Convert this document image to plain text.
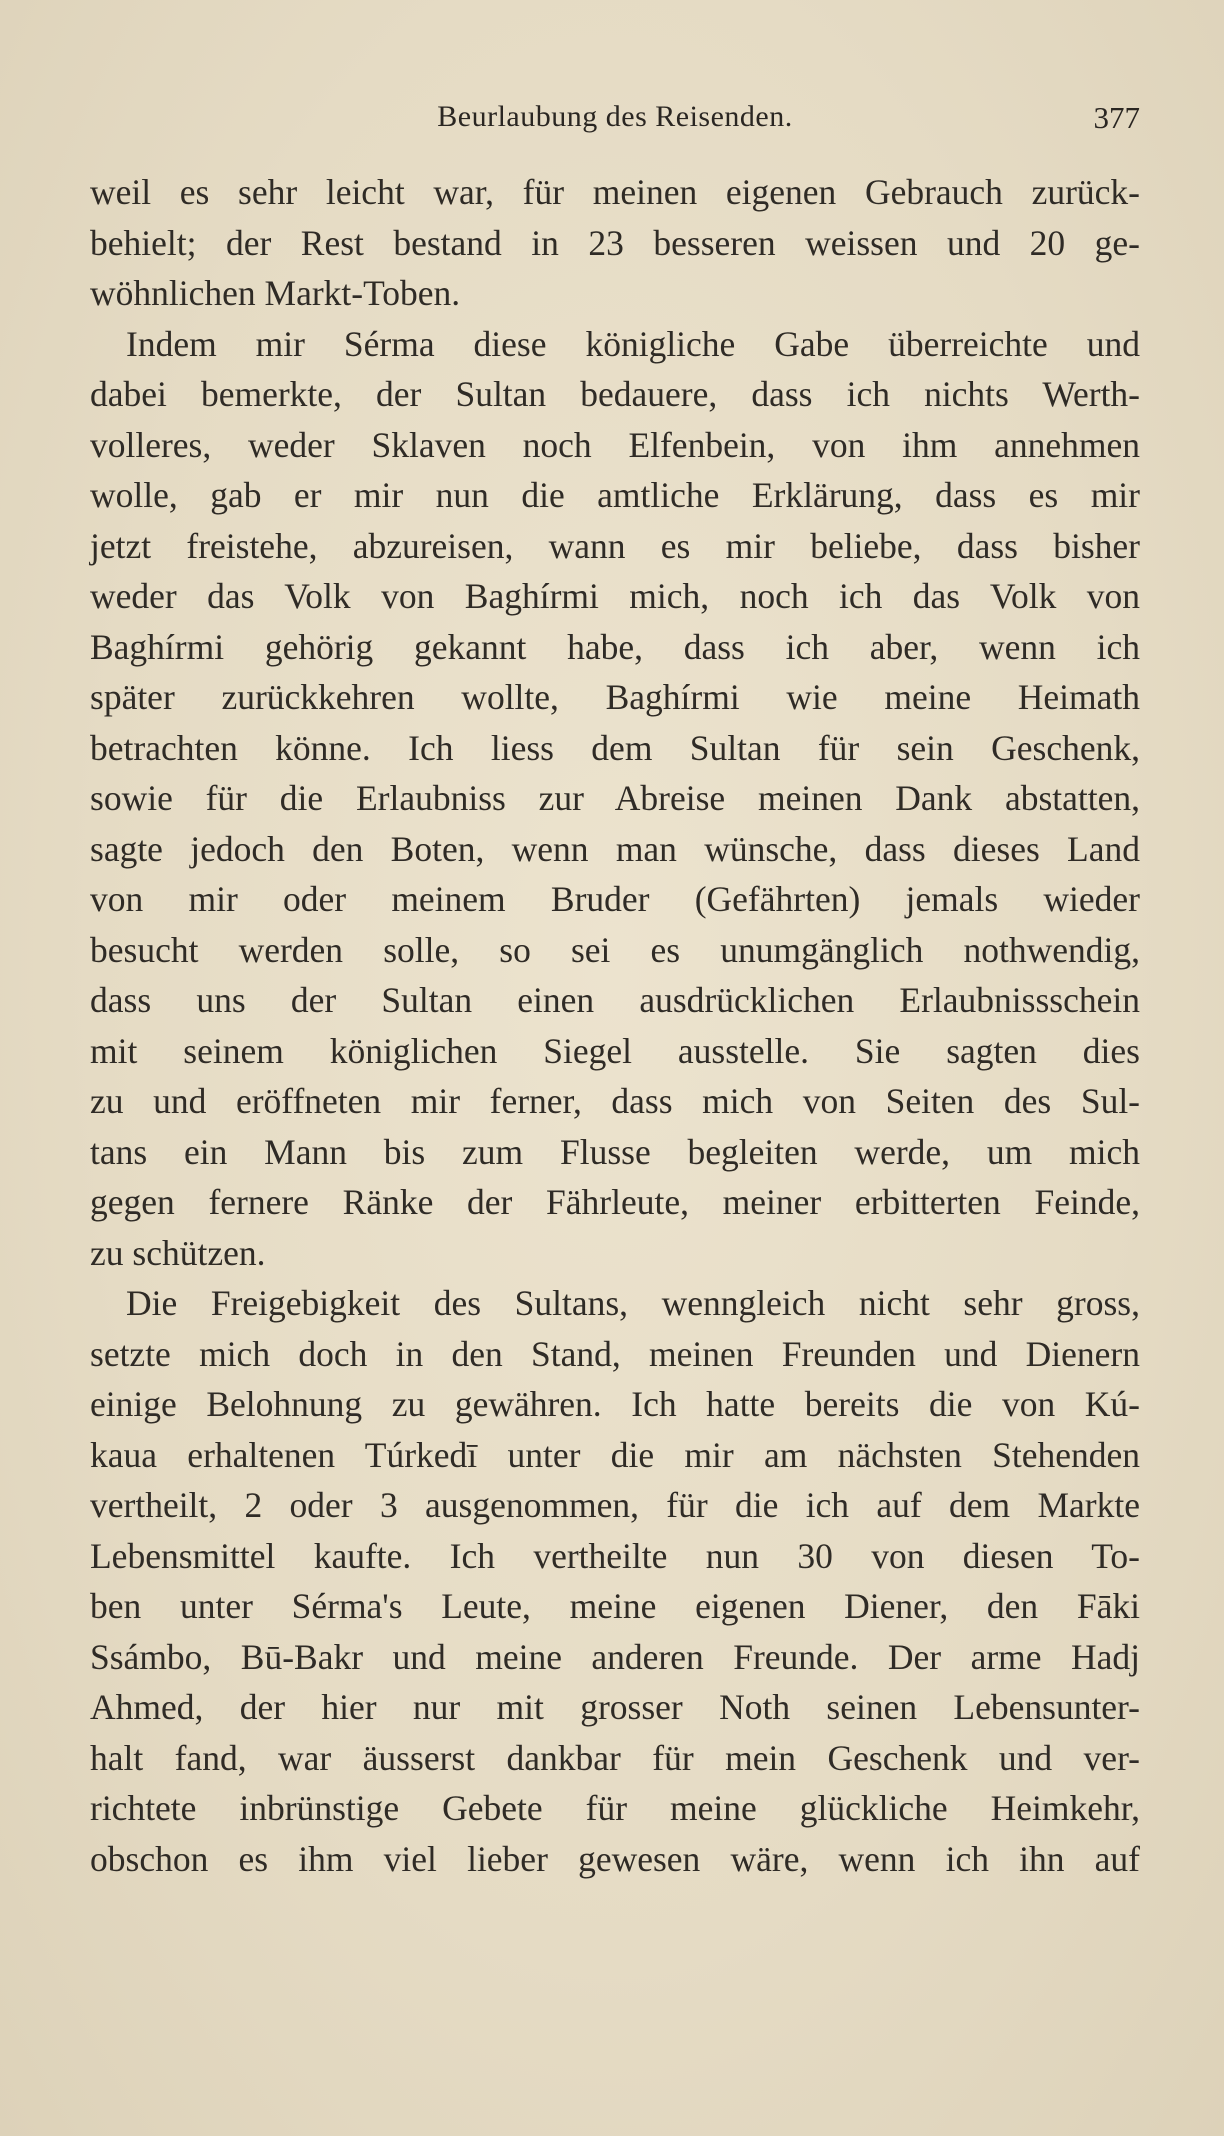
Beurlaubung des Reisenden.	377
weil es sehr leicht war, für meinen eigenen Gebrauch zurück-
behielt; der Rest bestand in 23 besseren weissen und 20 ge-
wöhnlichen Markt-Toben.
Indem mir Sérma diese königliche Gabe überreichte und
dabei bemerkte, der Sultan bedauere, dass ich nichts Werth-
volleres, weder Sklaven noch Elfenbein, von ihm annehmen
wolle, gab er mir nun die amtliche Erklärung, dass es mir
jetzt freistehe, abzureisen, wann es mir beliebe, dass bisher
weder das Volk von Baghírmi mich, noch ich das Volk von
Baghírmi gehörig gekannt habe, dass ich aber, wenn ich
später zurückkehren wollte, Baghírmi wie meine Heimath
betrachten könne. Ich liess dem Sultan für sein Geschenk,
sowie für die Erlaubniss zur Abreise meinen Dank abstatten,
sagte jedoch den Boten, wenn man wünsche, dass dieses Land
von mir oder meinem Bruder (Gefährten) jemals wieder
besucht werden solle, so sei es unumgänglich nothwendig,
dass uns der Sultan einen ausdrücklichen Erlaubnissschein
mit seinem königlichen Siegel ausstelle. Sie sagten dies
zu und eröffneten mir ferner, dass mich von Seiten des Sul-
tans ein Mann bis zum Flusse begleiten werde, um mich
gegen fernere Ränke der Fährleute, meiner erbitterten Feinde,
zu schützen.
Die Freigebigkeit des Sultans, wenngleich nicht sehr gross,
setzte mich doch in den Stand, meinen Freunden und Dienern
einige Belohnung zu gewähren. Ich hatte bereits die von Kú-
kaua erhaltenen Túrkedī unter die mir am nächsten Stehenden
vertheilt, 2 oder 3 ausgenommen, für die ich auf dem Markte
Lebensmittel kaufte. Ich vertheilte nun 30 von diesen To-
ben unter Sérma's Leute, meine eigenen Diener, den Fāki
Ssámbo, Bū-Bakr und meine anderen Freunde. Der arme Hadj
Ahmed, der hier nur mit grosser Noth seinen Lebensunter-
halt fand, war äusserst dankbar für mein Geschenk und ver-
richtete inbrünstige Gebete für meine glückliche Heimkehr,
obschon es ihm viel lieber gewesen wäre, wenn ich ihn auf
